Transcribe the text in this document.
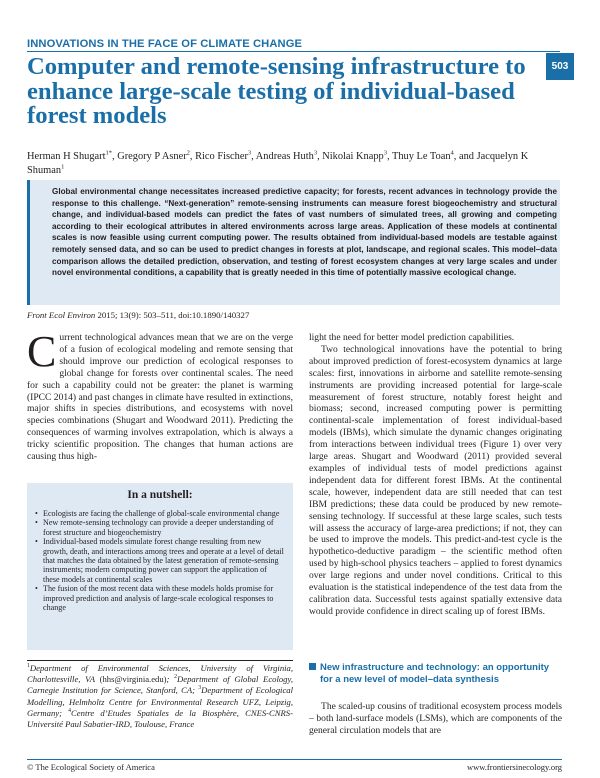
INNOVATIONS IN THE FACE OF CLIMATE CHANGE
503
Computer and remote-sensing infrastructure to enhance large-scale testing of individual-based forest models

Herman H Shugart$^{1*}$, Gregory P Asner$^2$, Rico Fischer$^3$, Andreas Huth$^3$, Nikolai Knapp$^3$, Thuy Le Toan$^4$, and Jacquelyn K Shuman$^1$

Global environmental change necessitates increased predictive capacity; for forests, recent advances in technology provide the response to this challenge. “Next-generation” remote-sensing instruments can measure forest biogeochemistry and structural change, and individual-based models can predict the fates of vast numbers of simulated trees, all growing and competing according to their ecological attributes in altered environments across large areas. Application of these models at continental scales is now feasible using current computing power. The results obtained from individual-based models are testable against remotely sensed data, and so can be used to predict changes in forests at plot, landscape, and regional scales. This model–data comparison allows the detailed prediction, observation, and testing of forest ecosystem changes at very large scales and under novel environmental conditions, a capability that is greatly needed in this time of potentially massive ecological change.

Front Ecol Environ 2015; 13(9): 503–511, doi:10.1890/140327

Current technological advances mean that we are on the verge of a fusion of ecological modeling and remote sensing that should improve our prediction of ecological responses to global change for forests over continental scales. The need for such a capability could not be greater: the planet is warming (IPCC 2014) and past changes in climate have resulted in extinctions, major shifts in species distributions, and ecosystems with novel species combinations (Shugart and Woodward 2011). Predicting the consequences of warming involves extrapolation, which is always a tricky scientific proposition. The changes that human actions are causing thus high-

In a nutshell:
• Ecologists are facing the challenge of global-scale environmental change
• New remote-sensing technology can provide a deeper understanding of forest structure and biogeochemistry
• Individual-based models simulate forest change resulting from new growth, death, and interactions among trees and operate at a level of detail that matches the data obtained by the latest generation of remote-sensing instruments; modern computing power can support the application of these models at continental scales
• The fusion of the most recent data with these models holds promise for improved prediction and analysis of large-scale ecological responses to change

$^1$Department of Environmental Sciences, University of Virginia, Charlottesville, VA (hhs@virginia.edu); $^2$Department of Global Ecology, Carnegie Institution for Science, Stanford, CA; $^3$Department of Ecological Modelling, Helmholtz Centre for Environmental Research UFZ, Leipzig, Germany; $^4$Centre d’Etudes Spatiales de la Biosphère, CNES-CNRS-Université Paul Sabatier-IRD, Toulouse, France

light the need for better model prediction capabilities.

Two technological innovations have the potential to bring about improved prediction of forest-ecosystem dynamics at large scales: first, innovations in airborne and satellite remote-sensing instruments are providing increased potential for large-scale measurement of forest structure, notably forest height and biomass; second, increased computing power is permitting continental-scale implementation of forest individual-based models (IBMs), which simulate the dynamic changes originating from interactions between individual trees (Figure 1) over very large areas. Shugart and Woodward (2011) provided several examples of individual tests of model predictions against independent data for different forest IBMs. At the continental scale, however, independent data are still needed that can test IBM predictions; these data could be produced by new remote-sensing technology. If successful at these large scales, such tests will assess the accuracy of large-area predictions; if not, they can be used to improve the models. This predict-and-test cycle is the hypothetico-deductive paradigm – the scientific method often used by high-school physics teachers – applied to forest dynamics over large regions and under novel conditions. Critical to this evaluation is the statistical independence of the test data from the calibration data. Successful tests against spatially extensive data would provide confidence in direct scaling up of forest IBMs.

New infrastructure and technology: an opportunity
for a new level of model–data synthesis

The scaled-up cousins of traditional ecosystem process models – both land-surface models (LSMs), which are components of the general circulation models that are

© The Ecological Society of America	www.frontiersinecology.org
